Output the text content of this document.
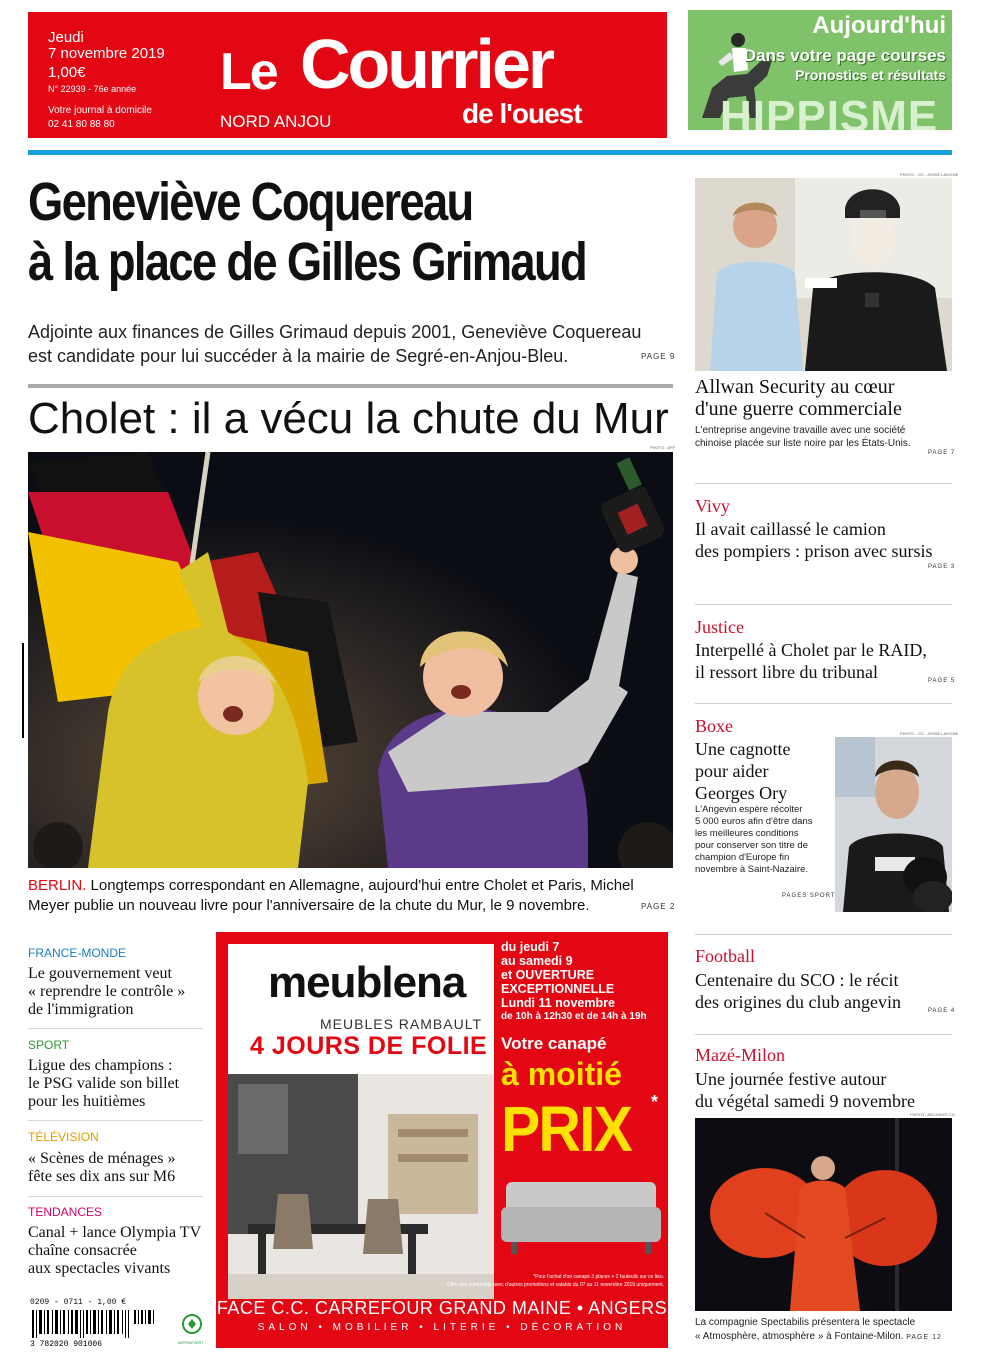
Jeudi
7 novembre 2019
1,00€
N° 22939 - 76e année
Votre journal à domicile
02 41 80 88 80
Le Courrier
de l'ouest
NORD ANJOU
Aujourd'hui
Dans votre page courses
Pronostics et résultats
HIPPISME
Geneviève Coquereau
à la place de Gilles Grimaud
Adjointe aux finances de Gilles Grimaud depuis 2001, Geneviève Coquereau
est candidate pour lui succéder à la mairie de Segré-en-Anjou-Bleu.	PAGE 9
Cholet : il a vécu la chute du Mur
PHOTO : AFP
BERLIN. Longtemps correspondant en Allemagne, aujourd'hui entre Cholet et Paris, Michel
Meyer publie un nouveau livre pour l'anniversaire de la chute du Mur, le 9 novembre.	PAGE 2
PHOTO : CO - JOSSE LAVIGNE
Allwan Security au cœur
d'une guerre commerciale
L'entreprise angevine travaille avec une société
chinoise placée sur liste noire par les États-Unis.
PAGE 7
Vivy
Il avait caillassé le camion
des pompiers : prison avec sursis
PAGE 3
Justice
Interpellé à Cholet par le RAID,
il ressort libre du tribunal	PAGE 5
Boxe
Une cagnotte
pour aider
Georges Ory
L'Angevin espère récolter
5 000 euros afin d'être dans
les meilleures conditions
pour conserver son titre de
champion d'Europe fin
novembre à Saint-Nazaire.
PAGES SPORT
PHOTO : CO - JOSSE LAVIGNE
Football
Centenaire du SCO : le récit
des origines du club angevin	PAGE 4
Mazé-Milon
Une journée festive autour
du végétal samedi 9 novembre
PHOTO : ARCHIVES CO
La compagnie Spectabilis présentera le spectacle
« Atmosphère, atmosphère » à Fontaine-Milon. PAGE 12
FRANCE-MONDE
Le gouvernement veut
« reprendre le contrôle »
de l'immigration
SPORT
Ligue des champions :
le PSG valide son billet
pour les huitièmes
TÉLÉVISION
« Scènes de ménages »
fête ses dix ans sur M6
TENDANCES
Canal + lance Olympia TV
chaîne consacrée
aux spectacles vivants
0209 - 0711 - 1,00 €
3 782020 901006	IMPRIM'VERT
meublena
MEUBLES RAMBAULT
4 JOURS DE FOLIE
du jeudi 7
au samedi 9
et OUVERTURE
EXCEPTIONNELLE
Lundi 11 novembre
de 10h à 12h30 et de 14h à 19h
Votre canapé
à moitié
PRIX *
*Pour l'achat d'un canapé 3 places + 2 fauteuils sur ce lieu.
Offre non cumulable avec d'autres promotions et valable du 07 au 11 novembre 2019 uniquement.
FACE C.C. CARREFOUR GRAND MAINE • ANGERS
SALON • MOBILIER • LITERIE • DÉCORATION
